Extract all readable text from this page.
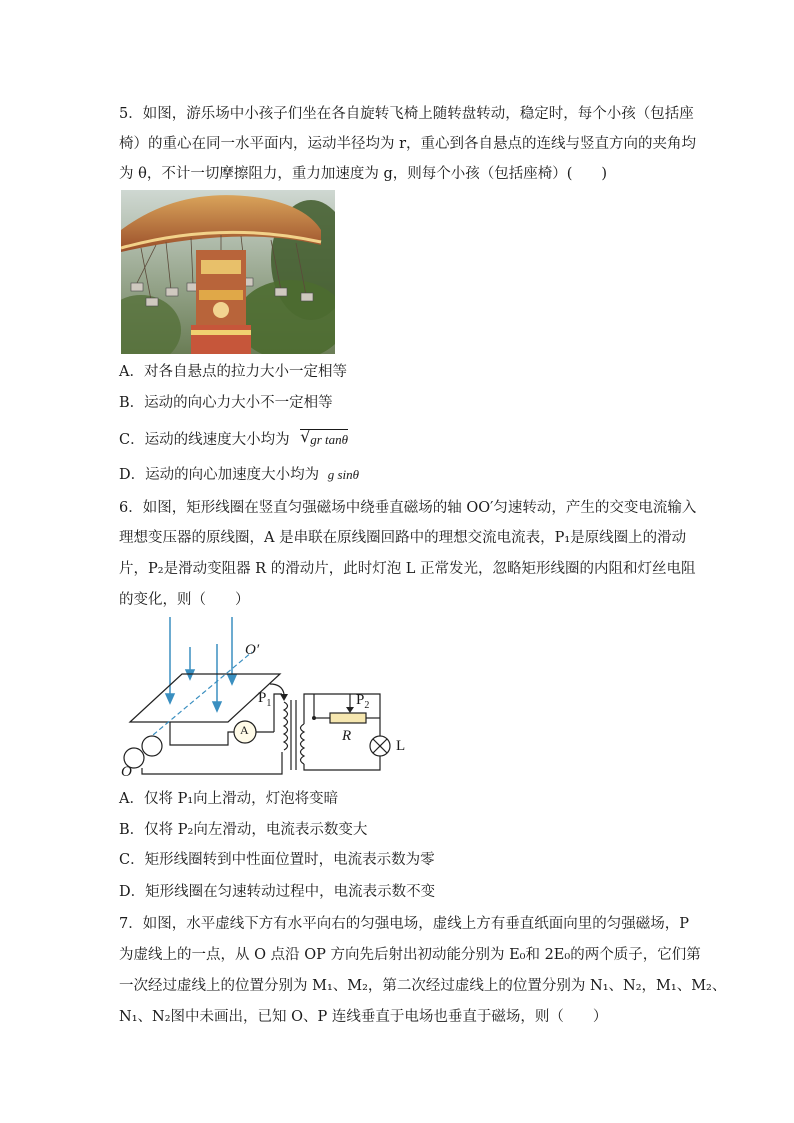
5．如图，游乐场中小孩子们坐在各自旋转飞椅上随转盘转动，稳定时，每个小孩（包括座
椅）的重心在同一水平面内，运动半径均为 r，重心到各自悬点的连线与竖直方向的夹角均
为 θ，不计一切摩擦阻力，重力加速度为 g，则每个小孩（包括座椅）(　　)
A．对各自悬点的拉力大小一定相等
B．运动的向心力大小不一定相等
C．运动的线速度大小均为 √ gr tanθ
D．运动的向心加速度大小均为 g sinθ
6．如图，矩形线圈在竖直匀强磁场中绕垂直磁场的轴 OO′匀速转动，产生的交变电流输入
理想变压器的原线圈，A 是串联在原线圈回路中的理想交流电流表，P₁是原线圈上的滑动
片，P₂是滑动变阻器 R 的滑动片，此时灯泡 L 正常发光，忽略矩形线圈的内阻和灯丝电阻
的变化，则（　　）
O′
O
A
$P_1$	$P_2$
R
L
A．仅将 P₁向上滑动，灯泡将变暗
B．仅将 P₂向左滑动，电流表示数变大
C．矩形线圈转到中性面位置时，电流表示数为零
D．矩形线圈在匀速转动过程中，电流表示数不变
7．如图，水平虚线下方有水平向右的匀强电场，虚线上方有垂直纸面向里的匀强磁场，P
为虚线上的一点，从 O 点沿 OP 方向先后射出初动能分别为 E₀和 2E₀的两个质子，它们第
一次经过虚线上的位置分别为 M₁、M₂，第二次经过虚线上的位置分别为 N₁、N₂，M₁、M₂、
N₁、N₂图中未画出，已知 O、P 连线垂直于电场也垂直于磁场，则（　　）
